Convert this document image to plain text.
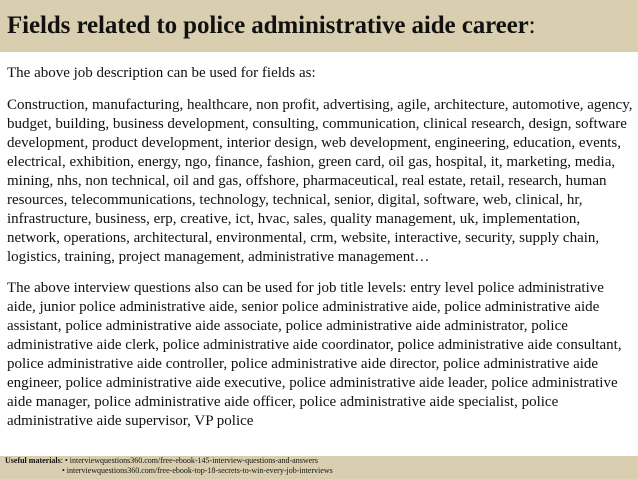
Fields related to police administrative aide career:

The above job description can be used for fields as:

Construction, manufacturing, healthcare, non profit, advertising, agile, architecture, automotive, agency, budget, building, business development, consulting, communication, clinical research, design, software development, product development, interior design, web development, engineering, education, events, electrical, exhibition, energy, ngo, finance, fashion, green card, oil gas, hospital, it, marketing, media, mining, nhs, non technical, oil and gas, offshore, pharmaceutical, real estate, retail, research, human resources, telecommunications, technology, technical, senior, digital, software, web, clinical, hr, infrastructure, business, erp, creative, ict, hvac, sales, quality management, uk, implementation, network, operations, architectural, environmental, crm, website, interactive, security, supply chain, logistics, training, project management, administrative management…

The above interview questions also can be used for job title levels: entry level police administrative aide, junior police administrative aide, senior police administrative aide, police administrative aide assistant, police administrative aide associate, police administrative aide administrator, police administrative aide clerk, police administrative aide coordinator, police administrative aide consultant, police administrative aide controller, police administrative aide director, police administrative aide engineer, police administrative aide executive, police administrative aide leader, police administrative aide manager, police administrative aide officer, police administrative aide specialist, police administrative aide supervisor, VP police

Useful materials: • interviewquestions360.com/free-ebook-145-interview-questions-and-answers
• interviewquestions360.com/free-ebook-top-18-secrets-to-win-every-job-interviews
